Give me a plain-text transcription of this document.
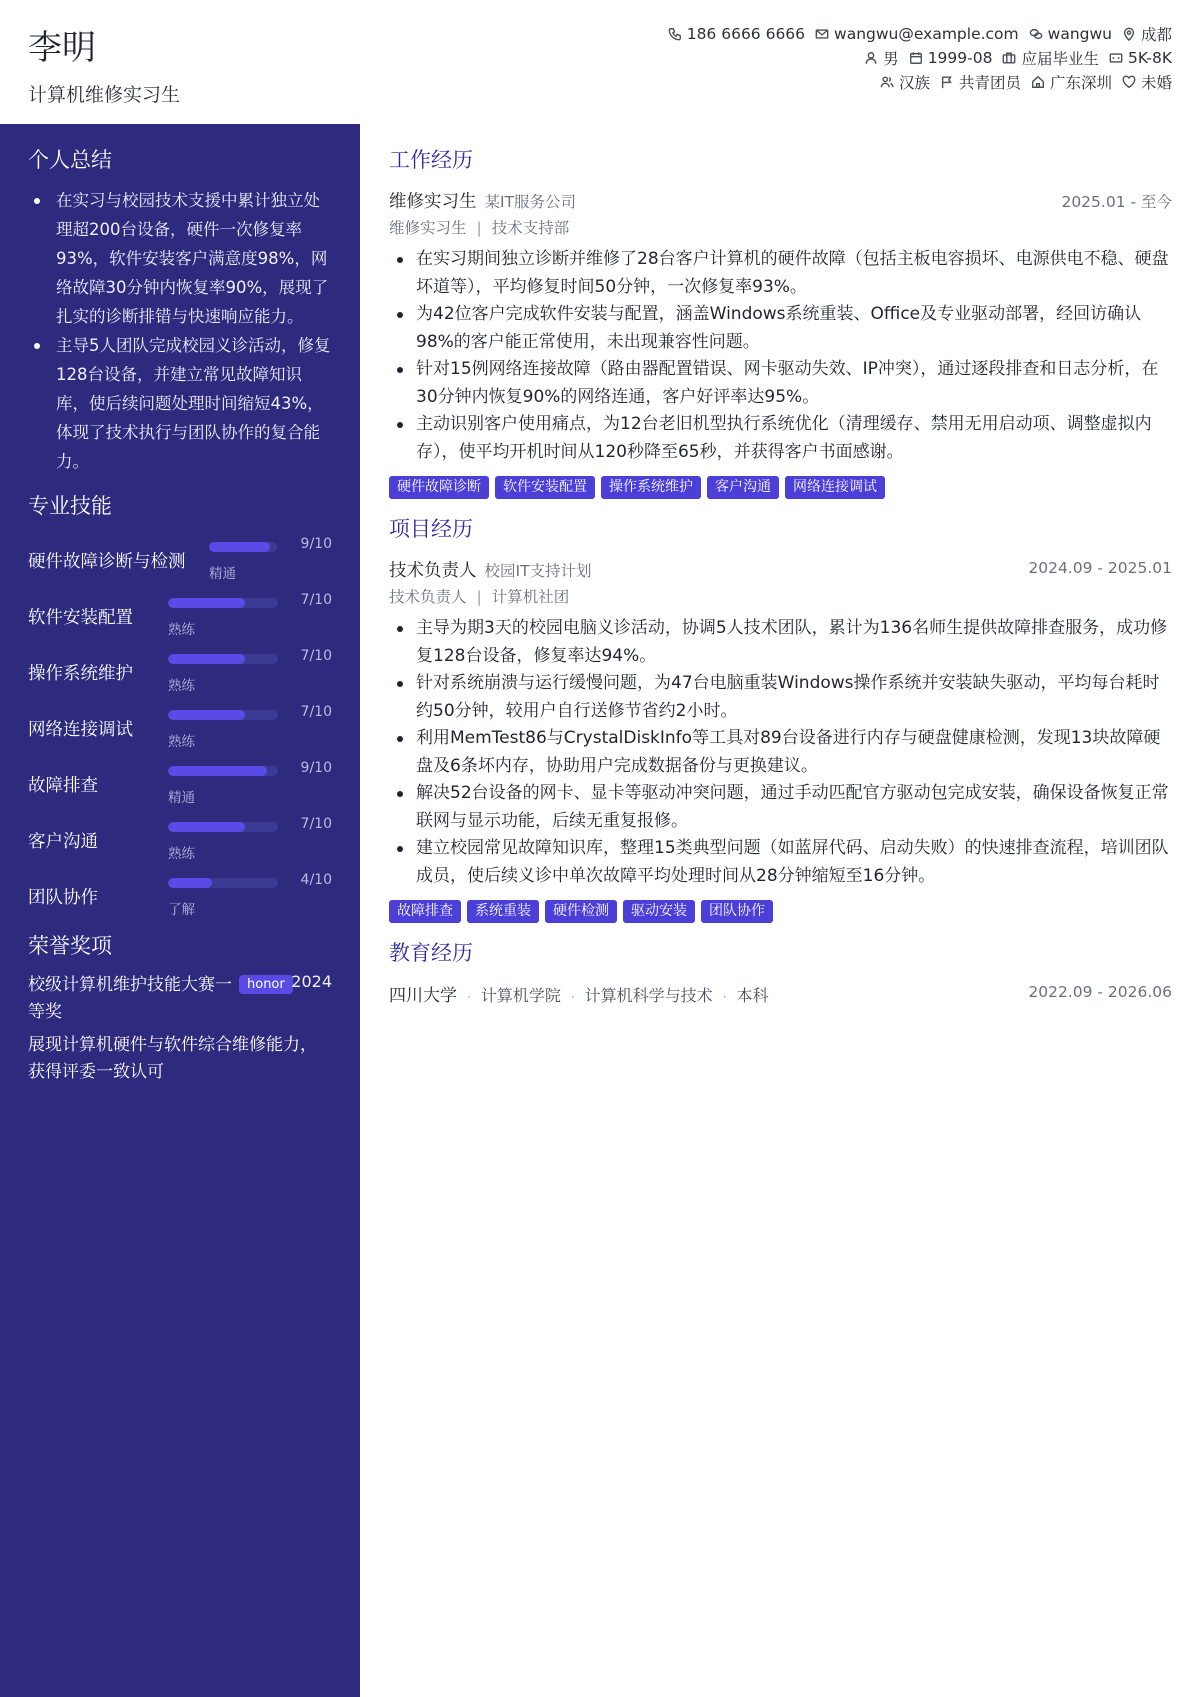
李明
计算机维修实习生
186 6666 6666 wangwu@example.com wangwu 成都
男 1999-08 应届毕业生 5K-8K
汉族 共青团员 广东深圳 未婚
个人总结
在实习与校园技术支援中累计独立处理超200台设备，硬件一次修复率93%，软件安装客户满意度98%，网络故障30分钟内恢复率90%，展现了扎实的诊断排错与快速响应能力。
主导5人团队完成校园义诊活动，修复128台设备，并建立常见故障知识库，使后续问题处理时间缩短43%，体现了技术执行与团队协作的复合能力。
专业技能
硬件故障诊断与检测
精通
9/10
软件安装配置
熟练
7/10
操作系统维护
熟练
7/10
网络连接调试
熟练
7/10
故障排查
精通
9/10
客户沟通
熟练
7/10
团队协作
了解
4/10
荣誉奖项
校级计算机维护技能大赛一等奖
honor 2024
展现计算机硬件与软件综合维修能力，获得评委一致认可
工作经历
维修实习生 某IT服务公司	2025.01 - 至今
维修实习生 | 技术支持部
在实习期间独立诊断并维修了28台客户计算机的硬件故障（包括主板电容损坏、电源供电不稳、硬盘坏道等），平均修复时间50分钟，一次修复率93%。
为42位客户完成软件安装与配置，涵盖Windows系统重装、Office及专业驱动部署，经回访确认98%的客户能正常使用，未出现兼容性问题。
针对15例网络连接故障（路由器配置错误、网卡驱动失效、IP冲突），通过逐段排查和日志分析，在30分钟内恢复90%的网络连通，客户好评率达95%。
主动识别客户使用痛点，为12台老旧机型执行系统优化（清理缓存、禁用无用启动项、调整虚拟内存），使平均开机时间从120秒降至65秒，并获得客户书面感谢。
硬件故障诊断	软件安装配置	操作系统维护	客户沟通	网络连接调试
项目经历
技术负责人 校园IT支持计划	2024.09 - 2025.01
技术负责人 | 计算机社团
主导为期3天的校园电脑义诊活动，协调5人技术团队，累计为136名师生提供故障排查服务，成功修复128台设备，修复率达94%。
针对系统崩溃与运行缓慢问题，为47台电脑重装Windows操作系统并安装缺失驱动，平均每台耗时约50分钟，较用户自行送修节省约2小时。
利用MemTest86与CrystalDiskInfo等工具对89台设备进行内存与硬盘健康检测，发现13块故障硬盘及6条坏内存，协助用户完成数据备份与更换建议。
解决52台设备的网卡、显卡等驱动冲突问题，通过手动匹配官方驱动包完成安装，确保设备恢复正常联网与显示功能，后续无重复报修。
建立校园常见故障知识库，整理15类典型问题（如蓝屏代码、启动失败）的快速排查流程，培训团队成员，使后续义诊中单次故障平均处理时间从28分钟缩短至16分钟。
故障排查	系统重装	硬件检测	驱动安装	团队协作
教育经历
四川大学 · 计算机学院 · 计算机科学与技术 · 本科	2022.09 - 2026.06
